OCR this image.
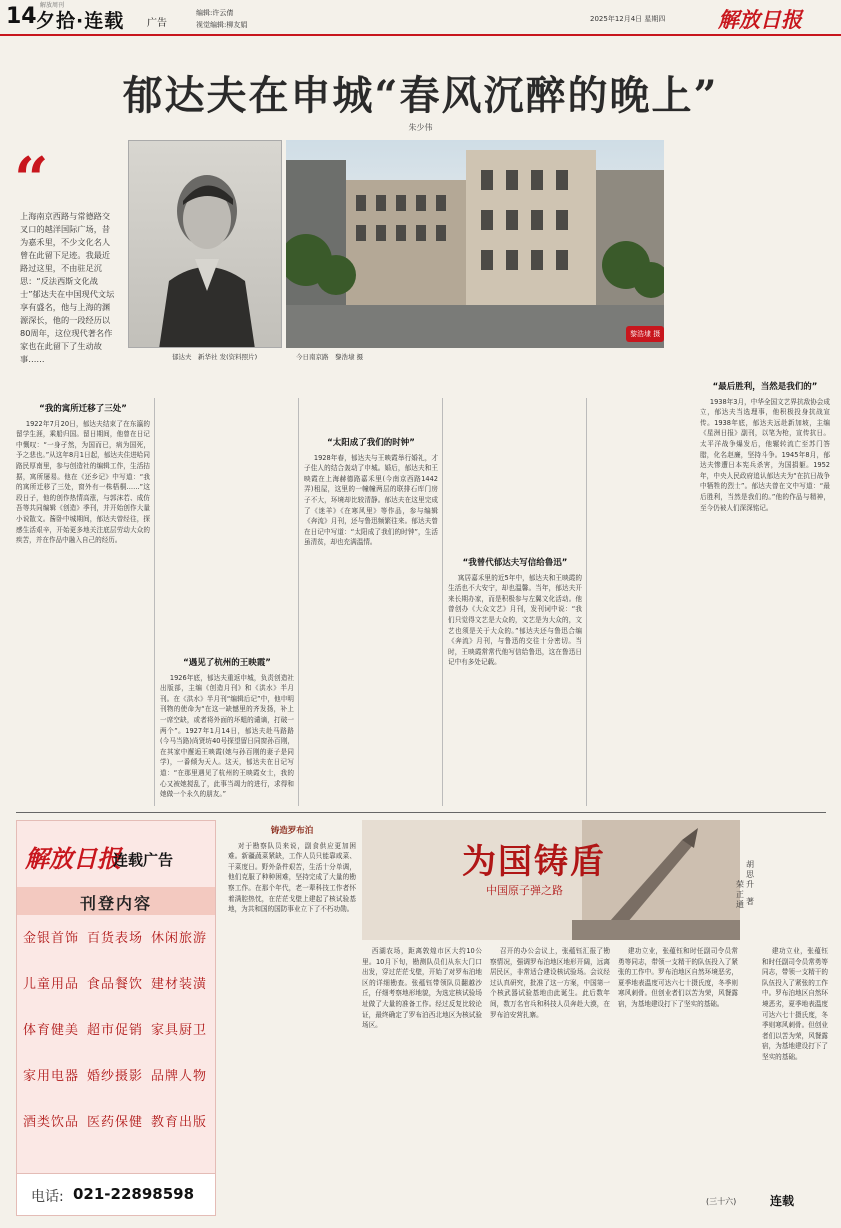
14 夕拾·连载 广告
解放周刊
编辑:许云倩
视觉编辑:柳友娟
2025年12月4日 星期四	解放日报
郁达夫在申城“春风沉醉的晚上”
朱少伟
“
上海南京西路与常德路交叉口的越洋国际广场，昔为嘉禾里，不少文化名人曾在此留下足迹。我最近路过这里，不由驻足沉思：“反法西斯文化战士”郁达夫在中国现代文坛享有盛名，他与上海的渊源深长，他的一段经历以80周年，这位现代著名作家也在此留下了生动故事……	郁达夫　新华社 发(资料照片)	今日南京路　黎浩埭 摄
黎浩埭 摄
“我的寓所迁移了三处”

1922年7月20日，郁达夫结束了在东瀛的留学生涯，乘船归国。留日期间，他曾在日记中慨叹：“一身孑然，为国而已，病为国死，予之悲也。”从这年8月1日起，郁达夫住进哈同路民厚南里，参与创造社的编辑工作，生活拮据，寓所屡易。他在《还乡记》中写道：“我的寓所迁移了三处，窗外有一株梧桐……”这段日子，他的创作热情高涨，与郭沫若、成仿吾等共同编辑《创造》季刊，并开始创作大量小说散文。酱卧中城期间，郁达夫曾经往，探感生活艰辛，开始更多地关注底层劳动大众的疾苦，并在作品中融入自己的经历。

“遇见了杭州的王映霞”

1926年底，郁达夫重返申城，负责创造社出版部，主编《创造月刊》和《洪水》半月刊。在《洪水》半月刊“编辑后记”中，他申明刊物的使命为“在这一缺憾里的齐发扬，补上一席空缺，或者将外面的坏蛆的谴谪，打破一两个”。1927年1月14日，郁达夫赴马路路(今马当路)尚贤坊40号探望留日同窗孙百刚，在其家中邂逅王映霞(她与孙百刚的妻子是同学)，一番倾为天人。这天，郁达夫在日记写道：“在那里遇见了杭州的王映霞女士，我的心又被她搅乱了，此事当竭力的进行，求得和她做一个永久的朋友。”

“太阳成了我们的时钟”

1928年春，郁达夫与王映霞举行婚礼，才子佳人的结合轰动了申城。婚后，郁达夫和王映霞在上海赫德路嘉禾里(今南京西路1442弄)租屋，这里的一幢幢两层的联排石库门房子不大，环境却比较清静。郁达夫在这里完成了《迷羊》《在寒风里》等作品，参与编辑《奔流》月刊，还与鲁迅频繁往来。郁达夫曾在日记中写道：“太阳成了我们的时钟”，生活虽清贫，却也充满温情。

“我曾代郁达夫写信给鲁迅”

寓居嘉禾里的近5年中，郁达夫和王映霞的生活也不大安宁，却也温馨。当年，郁达夫开来长期办家，而是积极参与左翼文化活动。他曾创办《大众文艺》月刊，发刊词中说：“我们只觉得文艺是大众的，文艺是为大众的，文艺也须是关于大众的。”郁达夫还与鲁迅合编《奔流》月刊，与鲁迅的交往十分密切。当时，王映霞常常代他写信给鲁迅，这在鲁迅日记中有多处记载。

“最后胜利，当然是我们的”

1938年3月，中华全国文艺界抗敌协会成立，郁达夫当选理事，他积极投身抗战宣传。1938年底，郁达夫远赴新加坡，主编《星洲日报》副刊，以笔为枪，宣传抗日。太平洋战争爆发后，他辗转流亡至苏门答腊，化名赵廉，坚持斗争。1945年8月，郁达夫惨遭日本宪兵杀害，为国捐躯。1952年，中央人民政府追认郁达夫为“在抗日战争中牺牲的烈士”。郁达夫曾在文中写道：“最后胜利，当然是我们的。”他的作品与精神，至今仍被人们深深铭记。

解放日报
连载广告
刊登内容
金银首饰 百货表场 休闲旅游
儿童用品 食品餐饮 建材装潢
体育健美 超市促销 家具厨卫
家用电器 婚纱摄影 品牌人物
酒类饮品 医药保健 教育出版
电话: 021-22898598
铸造罗布泊

对于勘察队员来说，副食供应更加困难。新疆蔬菜紧缺，工作人员只能靠咸菜、干菜度日。野外条件艰苦，生活十分单调，他们克服了种种困难，坚持完成了大量的勘察工作。在那个年代，老一辈科技工作者怀着满腔热忱，在茫茫戈壁上建起了核试验基地，为共和国的国防事业立下了不朽功勋。

为国铸盾
中国原子弹之路
胡思升
荣正通 著

西湖农场，距离敦煌市区大约10公里。10月下旬，勘测队员们从东大门口出发，穿过茫茫戈壁，开始了对罗布泊地区的详细勘查。张蕴钰带领队员翻越沙丘，仔细考察地形地貌，为选定核试验场址做了大量的准备工作。经过反复比较论证，最终确定了罗布泊西北地区为核试验场区。

召开的办公会议上，张蕴钰汇报了勘察情况，强调罗布泊地区地形开阔，远离居民区，非常适合建设核试验场。会议经过认真研究，批准了这一方案，中国第一个核武器试验基地由此诞生。此后数年间，数万名官兵和科技人员奔赴大漠，在罗布泊安营扎寨。

建功立业，张蕴钰和时任副司令员常勇等同志，带领一支精干的队伍投入了紧张的工作中。罗布泊地区自然环境恶劣，夏季地表温度可达六七十摄氏度，冬季则寒风刺骨。但创业者们以苦为荣，风餐露宿，为基地建设打下了坚实的基础。

建功立业，张蕴钰和时任副司令员常勇等同志，带领一支精干的队伍投入了紧张的工作中。罗布泊地区自然环境恶劣，夏季地表温度可达六七十摄氏度，冬季则寒风刺骨。但创业者们以苦为荣，风餐露宿，为基地建设打下了坚实的基础。

(三十六)	连载
